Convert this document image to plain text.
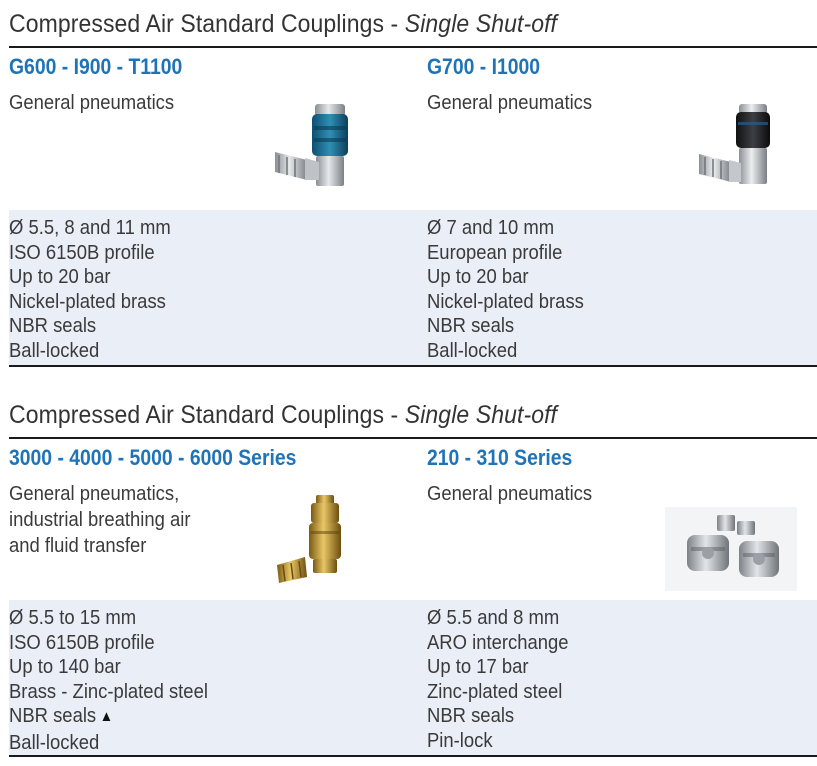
Compressed Air Standard Couplings - Single Shut-off
G600 - I900 - T1100
General pneumatics
G700 - I1000
General pneumatics
Ø 5.5, 8 and 11 mm
ISO 6150B profile
Up to 20 bar
Nickel-plated brass
NBR seals
Ball-locked
Ø 7 and 10 mm
European profile
Up to 20 bar
Nickel-plated brass
NBR seals
Ball-locked
Compressed Air Standard Couplings - Single Shut-off
3000 - 4000 - 5000 - 6000 Series
General pneumatics,
industrial breathing air
and fluid transfer
210 - 310 Series
General pneumatics
Ø 5.5 to 15 mm
ISO 6150B profile
Up to 140 bar
Brass - Zinc-plated steel
NBR seals ▲
Ball-locked
Ø 5.5 and 8 mm
ARO interchange
Up to 17 bar
Zinc-plated steel
NBR seals
Pin-lock
